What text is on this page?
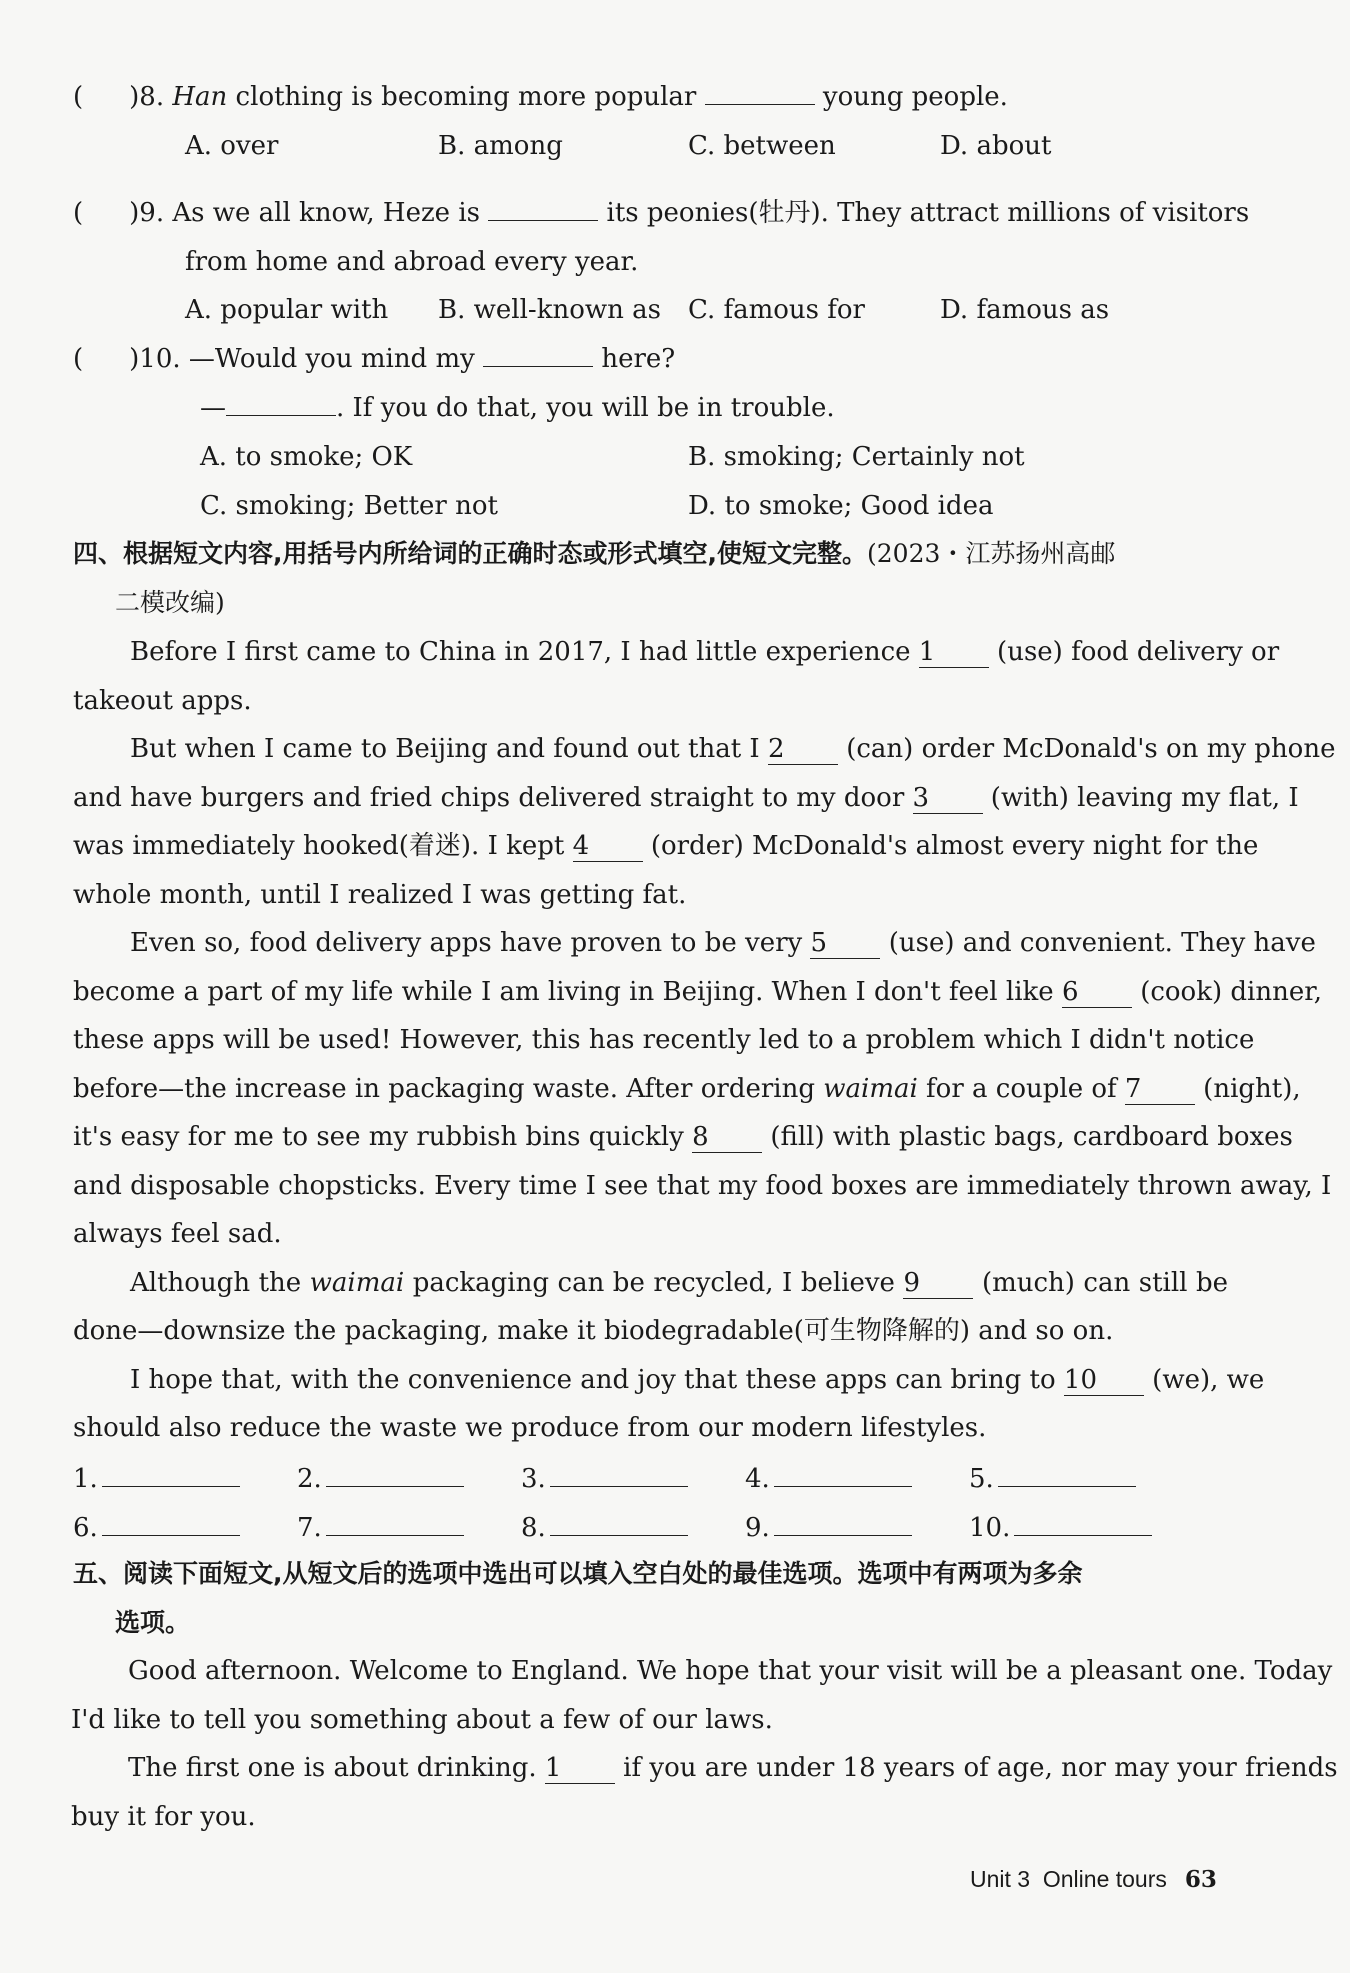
( )8. Han clothing is becoming more popular	young people.
A. over	B. among	C. between	D. about
( )9. As we all know, Heze is	its peonies(牡丹). They attract millions of visitors
from home and abroad every year.
A. popular with B. well-known as C. famous for	D. famous as
( )10. —Would you mind my	here?
—	. If you do that, you will be in trouble.
A. to smoke; OK	B. smoking; Certainly not
C. smoking; Better not	D. to smoke; Good idea
四、根据短文内容,用括号内所给词的正确时态或形式填空,使短文完整。(2023・江苏扬州高邮
二模改编)
Before I first came to China in 2017, I had little experience 1 (use) food delivery or
takeout apps.
But when I came to Beijing and found out that I 2 (can) order McDonald's on my phone
and have burgers and fried chips delivered straight to my door 3 (with) leaving my flat, I
was immediately hooked(着迷). I kept 4 (order) McDonald's almost every night for the
whole month, until I realized I was getting fat.
Even so, food delivery apps have proven to be very 5 (use) and convenient. They have
become a part of my life while I am living in Beijing. When I don't feel like 6 (cook) dinner,
these apps will be used! However, this has recently led to a problem which I didn't notice
before—the increase in packaging waste. After ordering waimai for a couple of 7 (night),
it's easy for me to see my rubbish bins quickly 8 (fill) with plastic bags, cardboard boxes
and disposable chopsticks. Every time I see that my food boxes are immediately thrown away, I
always feel sad.
Although the waimai packaging can be recycled, I believe 9 (much) can still be
done—downsize the packaging, make it biodegradable(可生物降解的) and so on.
I hope that, with the convenience and joy that these apps can bring to 10 (we), we
should also reduce the waste we produce from our modern lifestyles.
1.	2.	3.	4.	5.
6.	7.	8.	9.	10.
五、阅读下面短文,从短文后的选项中选出可以填入空白处的最佳选项。选项中有两项为多余
选项。
Good afternoon. Welcome to England. We hope that your visit will be a pleasant one. Today
I'd like to tell you something about a few of our laws.
The first one is about drinking. 1 if you are under 18 years of age, nor may your friends
buy it for you.
Unit 3 Online tours 63
